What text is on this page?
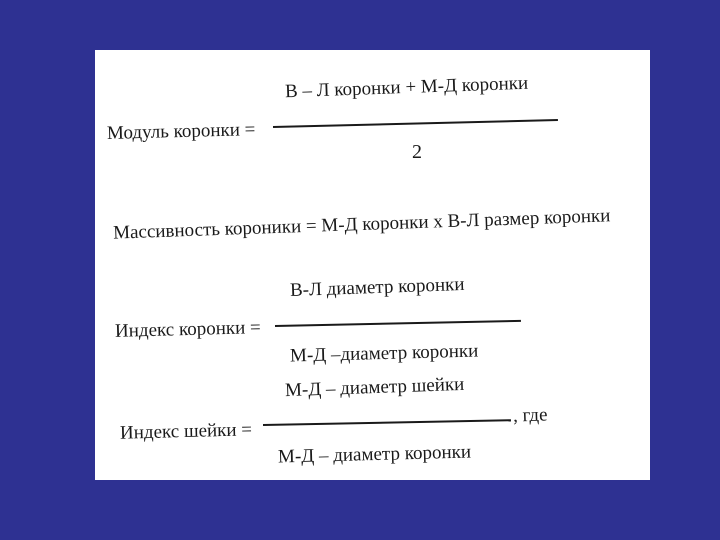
В – Л коронки + М-Д коронки
Модуль коронки =
2
Массивность короники = М-Д коронки х В-Л размер коронки
В-Л диаметр коронки
Индекс коронки =
М-Д –диаметр коронки
М-Д – диаметр шейки
Индекс шейки =
, где
М-Д – диаметр коронки
